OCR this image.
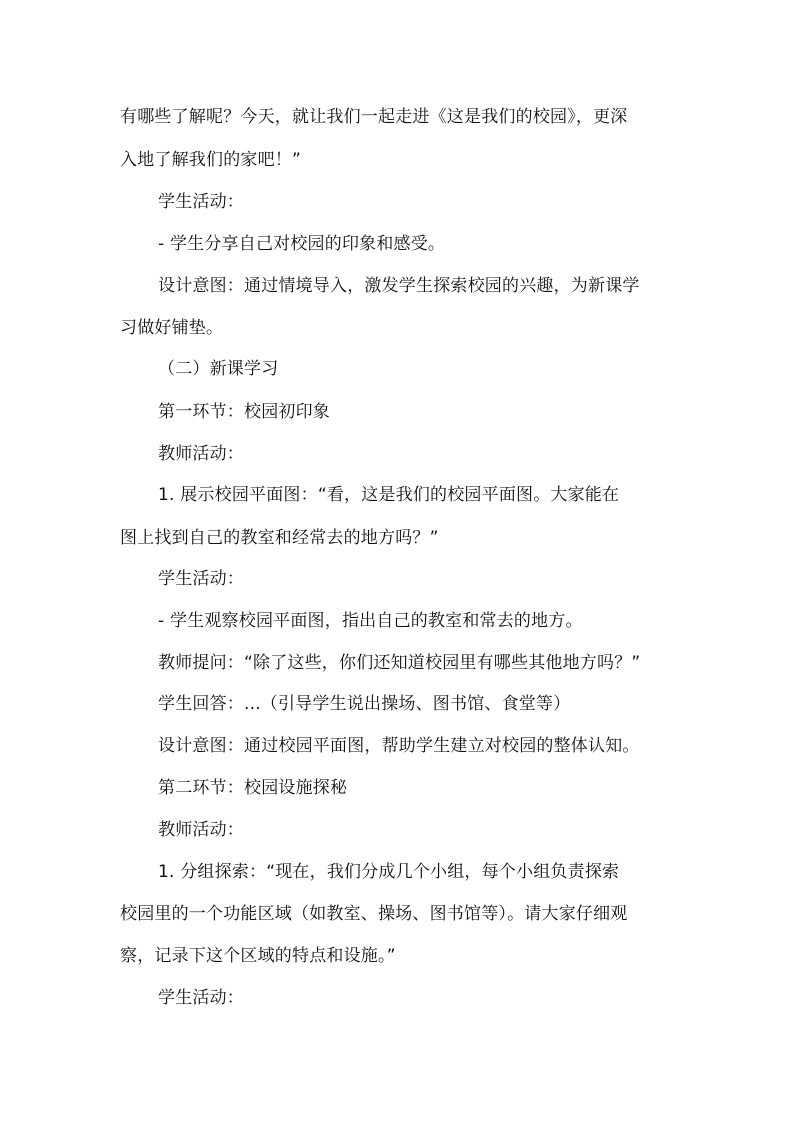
有哪些了解呢？今天，就让我们一起走进《这是我们的校园》，更深
入地了解我们的家吧！”
学生活动：
- 学生分享自己对校园的印象和感受。
设计意图：通过情境导入，激发学生探索校园的兴趣，为新课学
习做好铺垫。
（二）新课学习
第一环节：校园初印象
教师活动：
1. 展示校园平面图：“看，这是我们的校园平面图。大家能在
图上找到自己的教室和经常去的地方吗？”
学生活动：
- 学生观察校园平面图，指出自己的教室和常去的地方。
教师提问：“除了这些，你们还知道校园里有哪些其他地方吗？”
学生回答：...（引导学生说出操场、图书馆、食堂等）
设计意图：通过校园平面图，帮助学生建立对校园的整体认知。
第二环节：校园设施探秘
教师活动：
1. 分组探索：“现在，我们分成几个小组，每个小组负责探索
校园里的一个功能区域（如教室、操场、图书馆等）。请大家仔细观
察，记录下这个区域的特点和设施。”
学生活动：
